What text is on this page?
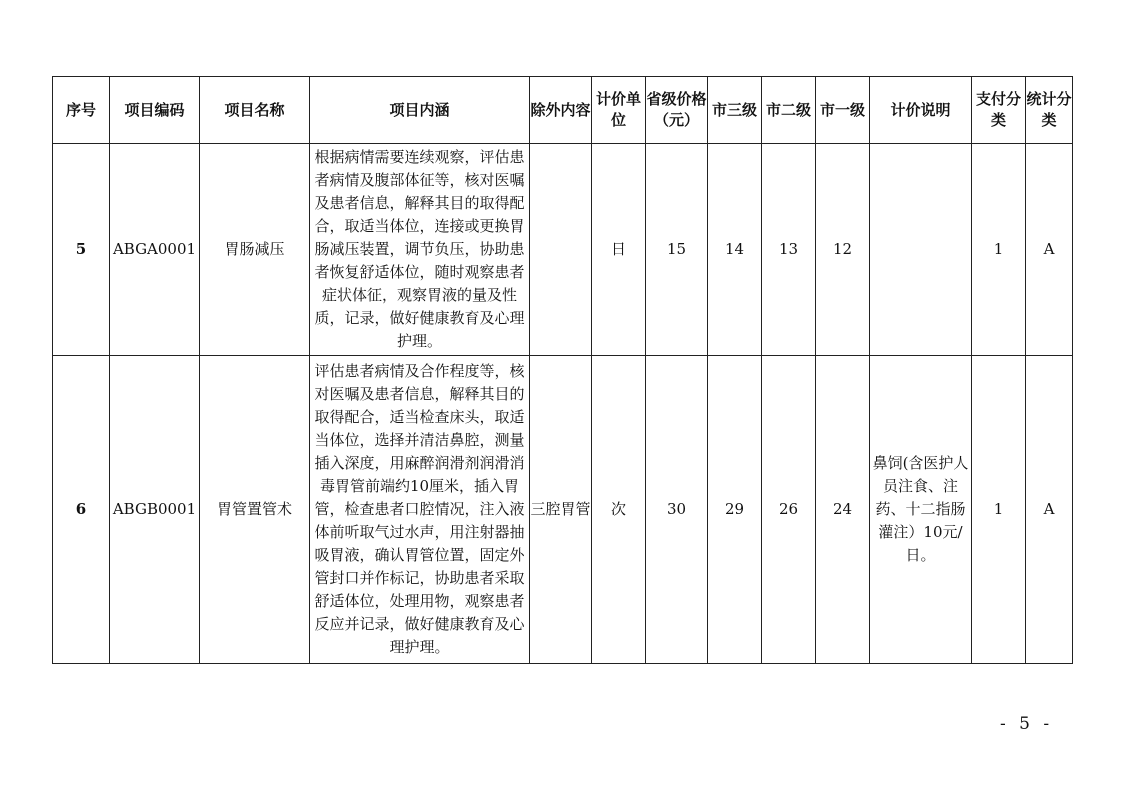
序号	项目编码	项目名称	项目内涵	除外内容	计价单位	省级价格（元）	市三级	市二级	市一级	计价说明	支付分类	统计分类
5	ABGA0001	胃肠减压	根据病情需要连续观察，评估患者病情及腹部体征等，核对医嘱及患者信息，解释其目的取得配合，取适当体位，连接或更换胃肠减压装置，调节负压，协助患者恢复舒适体位，随时观察患者症状体征，观察胃液的量及性质，记录，做好健康教育及心理护理。		日	15	14	13	12		1	A
6	ABGB0001	胃管置管术	评估患者病情及合作程度等，核对医嘱及患者信息，解释其目的取得配合，适当检查床头，取适当体位，选择并清洁鼻腔，测量插入深度，用麻醉润滑剂润滑消毒胃管前端约10厘米，插入胃管，检查患者口腔情况，注入液体前听取气过水声，用注射器抽吸胃液，确认胃管位置，固定外管封口并作标记，协助患者采取舒适体位，处理用物，观察患者反应并记录，做好健康教育及心理护理。	三腔胃管	次	30	29	26	24	鼻饲(含医护人员注食、注药、十二指肠灌注）10元/日。	1	A
- 5 -
